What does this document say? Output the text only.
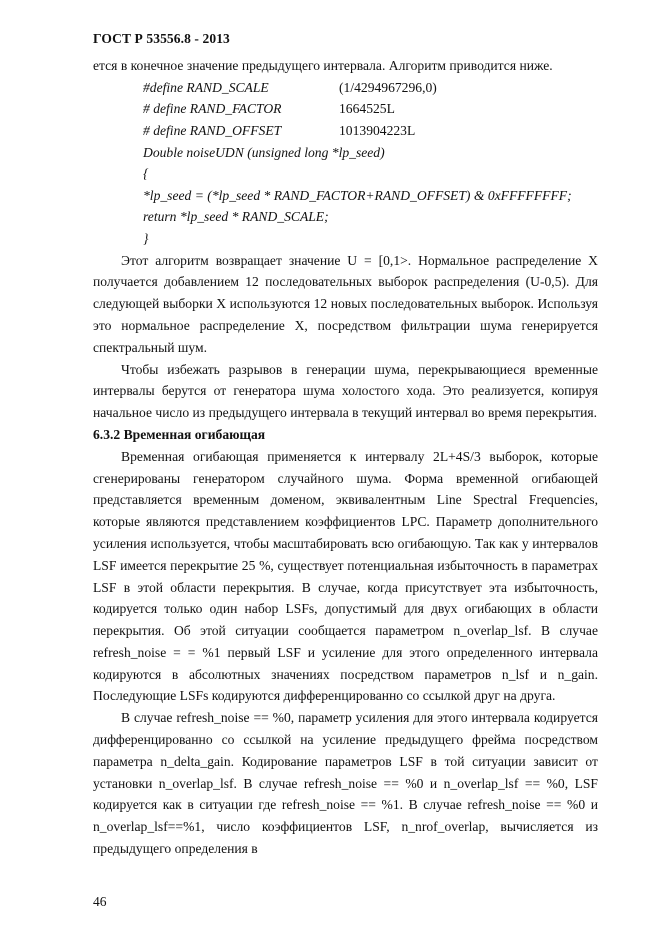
ГОСТ Р 53556.8 - 2013

ется в конечное значение предыдущего интервала. Алгоритм приводится ниже.

#define RAND_SCALE	(1/4294967296,0)
# define RAND_FACTOR	1664525L
# define RAND_OFFSET	1013904223L
Double noiseUDN (unsigned long *lp_seed)
{
*lp_seed = (*lp_seed * RAND_FACTOR+RAND_OFFSET) & 0xFFFFFFFF;
return *lp_seed * RAND_SCALE;
}

Этот алгоритм возвращает значение U = [0,1>. Нормальное распределение X получается добавлением 12 последовательных выборок распределения (U-0,5). Для следующей выборки X используются 12 новых последовательных выборок. Используя это нормальное распределение X, посредством фильтрации шума генерируется спектральный шум.

Чтобы избежать разрывов в генерации шума, перекрывающиеся временные интервалы берутся от генератора шума холостого хода. Это реализуется, копируя начальное число из предыдущего интервала в текущий интервал во время перекрытия.

6.3.2 Временная огибающая

Временная огибающая применяется к интервалу 2L+4S/3 выборок, которые сгенерированы генератором случайного шума. Форма временной огибающей представляется временным доменом, эквивалентным Line Spectral Frequencies, которые являются представлением коэффициентов LPC. Параметр дополнительного усиления используется, чтобы масштабировать всю огибающую. Так как у интервалов LSF имеется перекрытие 25 %, существует потенциальная избыточность в параметрах LSF в этой области перекрытия. В случае, когда присутствует эта избыточность, кодируется только один набор LSFs, допустимый для двух огибающих в области перекрытия. Об этой ситуации сообщается параметром n_overlap_lsf. В случае refresh_noise = = %1 первый LSF и усиление для этого определенного интервала кодируются в абсолютных значениях посредством параметров n_lsf и n_gain. Последующие LSFs кодируются дифференцированно со ссылкой друг на друга.

В случае refresh_noise == %0, параметр усиления для этого интервала кодируется дифференцированно со ссылкой на усиление предыдущего фрейма посредством параметра n_delta_gain. Кодирование параметров LSF в той ситуации зависит от установки n_overlap_lsf. В случае refresh_noise == %0 и n_overlap_lsf == %0, LSF кодируется как в ситуации где refresh_noise == %1. В случае refresh_noise == %0 и n_overlap_lsf==%1, число коэффициентов LSF, n_nrof_overlap, вычисляется из предыдущего определения в

46
